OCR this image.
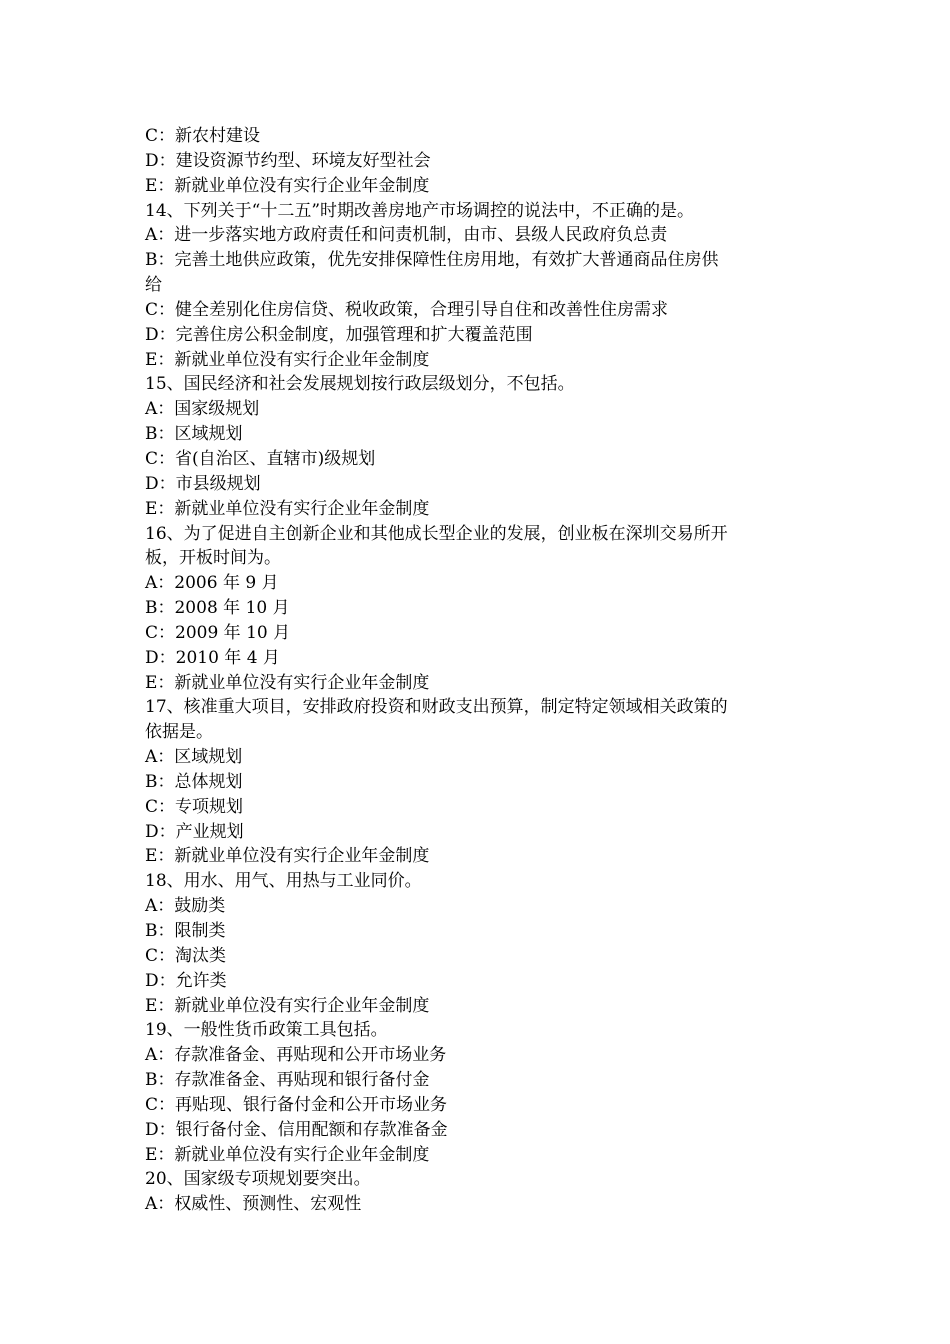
C：新农村建设

D：建设资源节约型、环境友好型社会

E：新就业单位没有实行企业年金制度

14、下列关于“十二五”时期改善房地产市场调控的说法中，不正确的是。

A：进一步落实地方政府责任和问责机制，由市、县级人民政府负总责

B：完善土地供应政策，优先安排保障性住房用地，有效扩大普通商品住房供

给

C：健全差别化住房信贷、税收政策，合理引导自住和改善性住房需求

D：完善住房公积金制度，加强管理和扩大覆盖范围

E：新就业单位没有实行企业年金制度

15、国民经济和社会发展规划按行政层级划分，不包括。

A：国家级规划

B：区域规划

C：省(自治区、直辖市)级规划

D：市县级规划

E：新就业单位没有实行企业年金制度

16、为了促进自主创新企业和其他成长型企业的发展，创业板在深圳交易所开

板，开板时间为。

A：2006 年 9 月

B：2008 年 10 月

C：2009 年 10 月

D：2010 年 4 月

E：新就业单位没有实行企业年金制度

17、核准重大项目，安排政府投资和财政支出预算，制定特定领域相关政策的

依据是。

A：区域规划

B：总体规划

C：专项规划

D：产业规划

E：新就业单位没有实行企业年金制度

18、用水、用气、用热与工业同价。

A：鼓励类

B：限制类

C：淘汰类

D：允许类

E：新就业单位没有实行企业年金制度

19、一般性货币政策工具包括。

A：存款准备金、再贴现和公开市场业务

B：存款准备金、再贴现和银行备付金

C：再贴现、银行备付金和公开市场业务

D：银行备付金、信用配额和存款准备金

E：新就业单位没有实行企业年金制度

20、国家级专项规划要突出。

A：权威性、预测性、宏观性
